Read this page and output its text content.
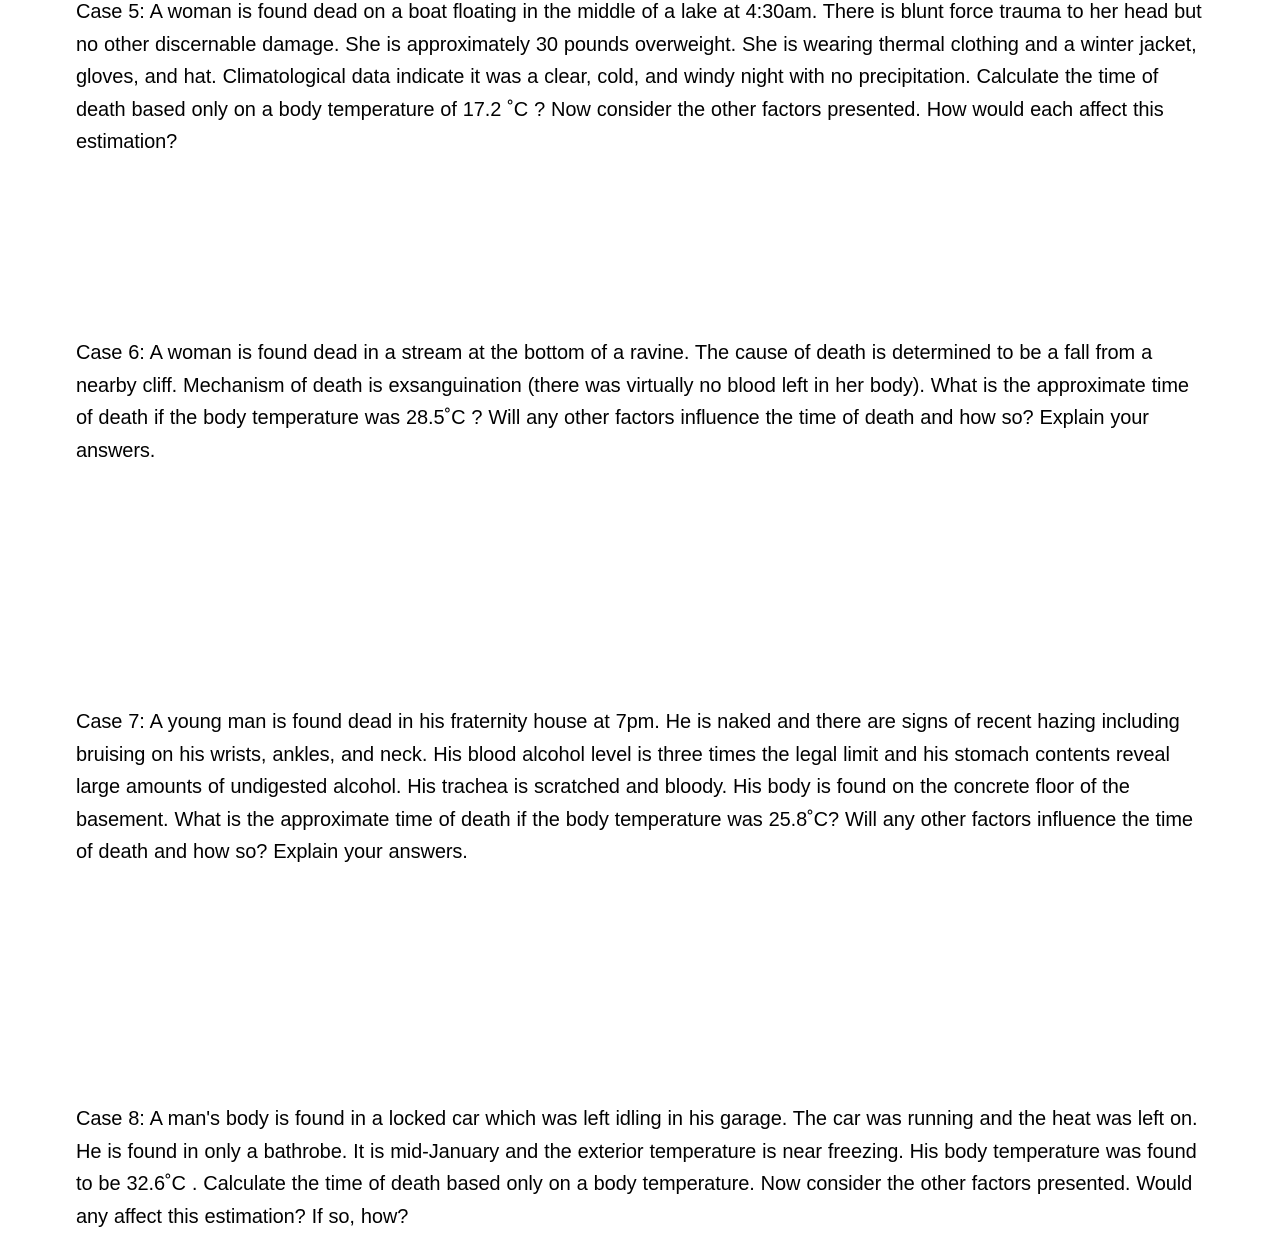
Case 5: A woman is found dead on a boat floating in the middle of a lake at 4:30am. There is blunt force trauma to her head but no other discernable damage. She is approximately 30 pounds overweight. She is wearing thermal clothing and a winter jacket, gloves, and hat. Climatological data indicate it was a clear, cold, and windy night with no precipitation. Calculate the time of death based only on a body temperature of 17.2 ˚C ? Now consider the other factors presented. How would each affect this estimation?

Case 6: A woman is found dead in a stream at the bottom of a ravine. The cause of death is determined to be a fall from a nearby cliff. Mechanism of death is exsanguination (there was virtually no blood left in her body). What is the approximate time of death if the body temperature was 28.5˚C ? Will any other factors influence the time of death and how so? Explain your answers.

Case 7: A young man is found dead in his fraternity house at 7pm. He is naked and there are signs of recent hazing including bruising on his wrists, ankles, and neck. His blood alcohol level is three times the legal limit and his stomach contents reveal large amounts of undigested alcohol. His trachea is scratched and bloody. His body is found on the concrete floor of the basement. What is the approximate time of death if the body temperature was 25.8˚C? Will any other factors influence the time of death and how so? Explain your answers.

Case 8: A man's body is found in a locked car which was left idling in his garage. The car was running and the heat was left on. He is found in only a bathrobe. It is mid-January and the exterior temperature is near freezing. His body temperature was found to be 32.6˚C . Calculate the time of death based only on a body temperature. Now consider the other factors presented. Would any affect this estimation? If so, how?
